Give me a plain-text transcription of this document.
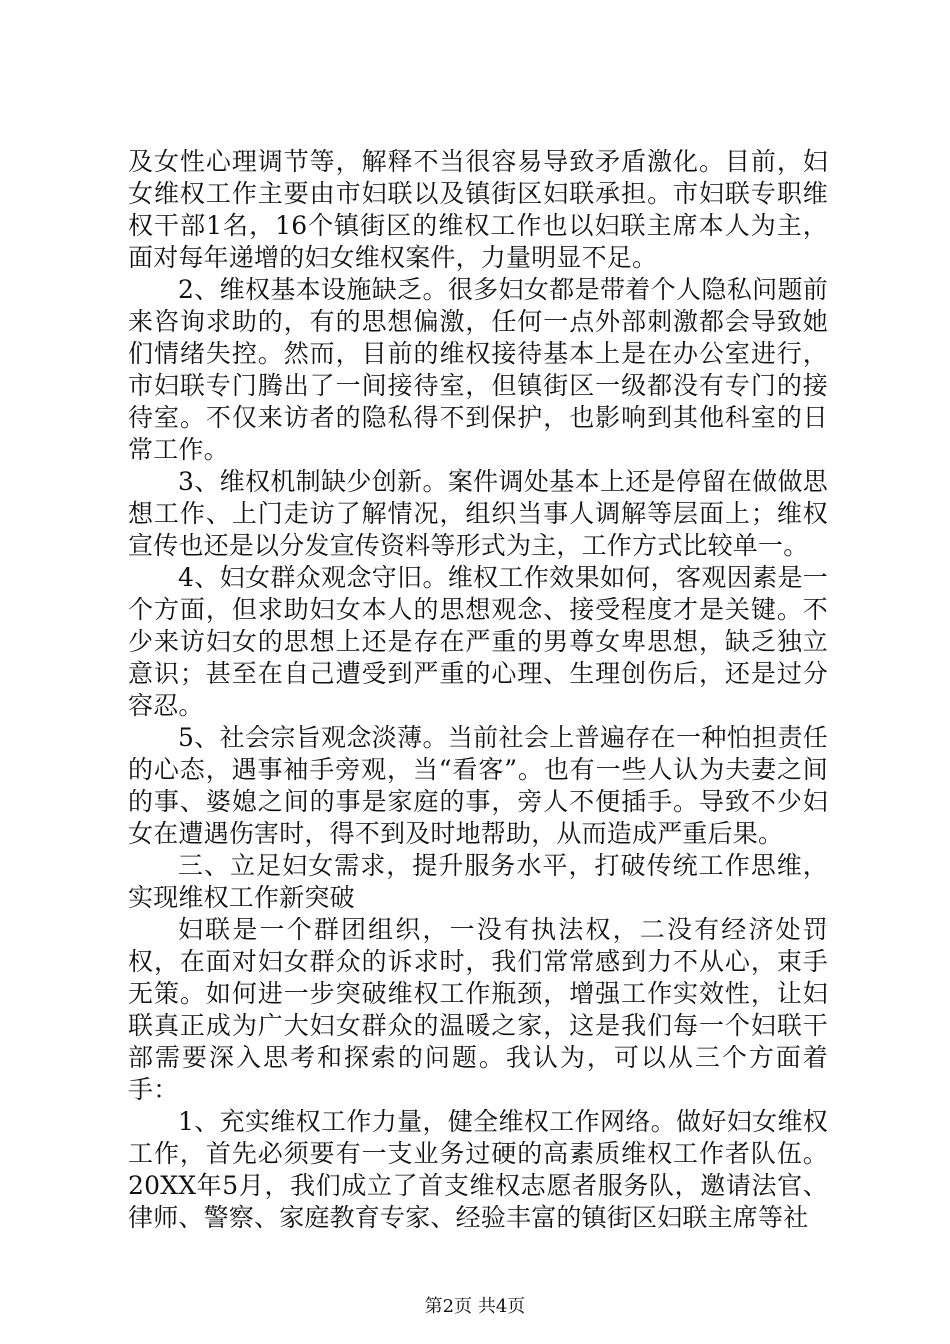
及女性心理调节等，解释不当很容易导致矛盾激化。目前，妇女维权工作主要由市妇联以及镇街区妇联承担。市妇联专职维权干部1名，16个镇街区的维权工作也以妇联主席本人为主，面对每年递增的妇女维权案件，力量明显不足。

2、维权基本设施缺乏。很多妇女都是带着个人隐私问题前来咨询求助的，有的思想偏激，任何一点外部刺激都会导致她们情绪失控。然而，目前的维权接待基本上是在办公室进行，市妇联专门腾出了一间接待室，但镇街区一级都没有专门的接待室。不仅来访者的隐私得不到保护，也影响到其他科室的日常工作。

3、维权机制缺少创新。案件调处基本上还是停留在做做思想工作、上门走访了解情况，组织当事人调解等层面上；维权宣传也还是以分发宣传资料等形式为主，工作方式比较单一。

4、妇女群众观念守旧。维权工作效果如何，客观因素是一个方面，但求助妇女本人的思想观念、接受程度才是关键。不少来访妇女的思想上还是存在严重的男尊女卑思想，缺乏独立意识；甚至在自己遭受到严重的心理、生理创伤后，还是过分容忍。

5、社会宗旨观念淡薄。当前社会上普遍存在一种怕担责任的心态，遇事袖手旁观，当“看客”。也有一些人认为夫妻之间的事、婆媳之间的事是家庭的事，旁人不便插手。导致不少妇女在遭遇伤害时，得不到及时地帮助，从而造成严重后果。

三、立足妇女需求，提升服务水平，打破传统工作思维，实现维权工作新突破

妇联是一个群团组织，一没有执法权，二没有经济处罚权，在面对妇女群众的诉求时，我们常常感到力不从心，束手无策。如何进一步突破维权工作瓶颈，增强工作实效性，让妇联真正成为广大妇女群众的温暖之家，这是我们每一个妇联干部需要深入思考和探索的问题。我认为，可以从三个方面着手：

1、充实维权工作力量，健全维权工作网络。做好妇女维权工作，首先必须要有一支业务过硬的高素质维权工作者队伍。20XX年5月，我们成立了首支维权志愿者服务队，邀请法官、律师、警察、家庭教育专家、经验丰富的镇街区妇联主席等社

第2页 共4页
